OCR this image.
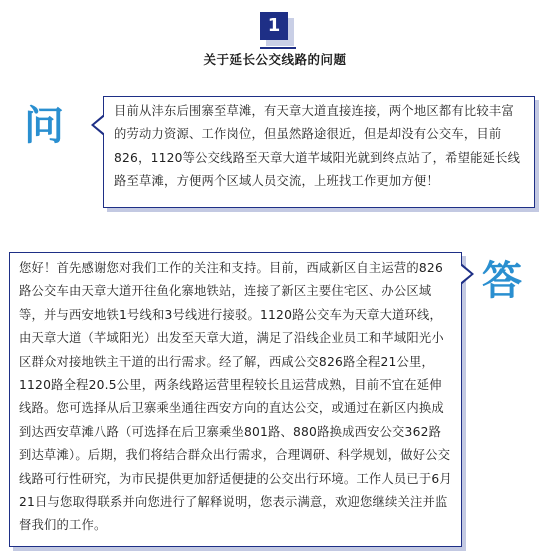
1
关于延长公交线路的问题
问	目前从沣东后围寨至草滩，有天章大道直接连接，两个地区都有比较丰富的劳动力资源、工作岗位，但虽然路途很近，但是却没有公交车，目前826，1120等公交线路至天章大道芊域阳光就到终点站了，希望能延长线路至草滩，方便两个区域人员交流，上班找工作更加方便！

答

您好！首先感谢您对我们工作的关注和支持。目前，西咸新区自主运营的826路公交车由天章大道开往鱼化寨地铁站，连接了新区主要住宅区、办公区域等，并与西安地铁1号线和3号线进行接驳。1120路公交车为天章大道环线，由天章大道（芊域阳光）出发至天章大道，满足了沿线企业员工和芊域阳光小区群众对接地铁主干道的出行需求。经了解，西咸公交826路全程21公里，1120路全程20.5公里，两条线路运营里程较长且运营成熟，目前不宜在延伸线路。您可选择从后卫寨乘坐通往西安方向的直达公交，或通过在新区内换成到达西安草滩八路（可选择在后卫寨乘坐801路、880路换成西安公交362路到达草滩）。后期，我们将结合群众出行需求，合理调研、科学规划，做好公交线路可行性研究，为市民提供更加舒适便捷的公交出行环境。工作人员已于6月21日与您取得联系并向您进行了解释说明，您表示满意，欢迎您继续关注并监督我们的工作。
